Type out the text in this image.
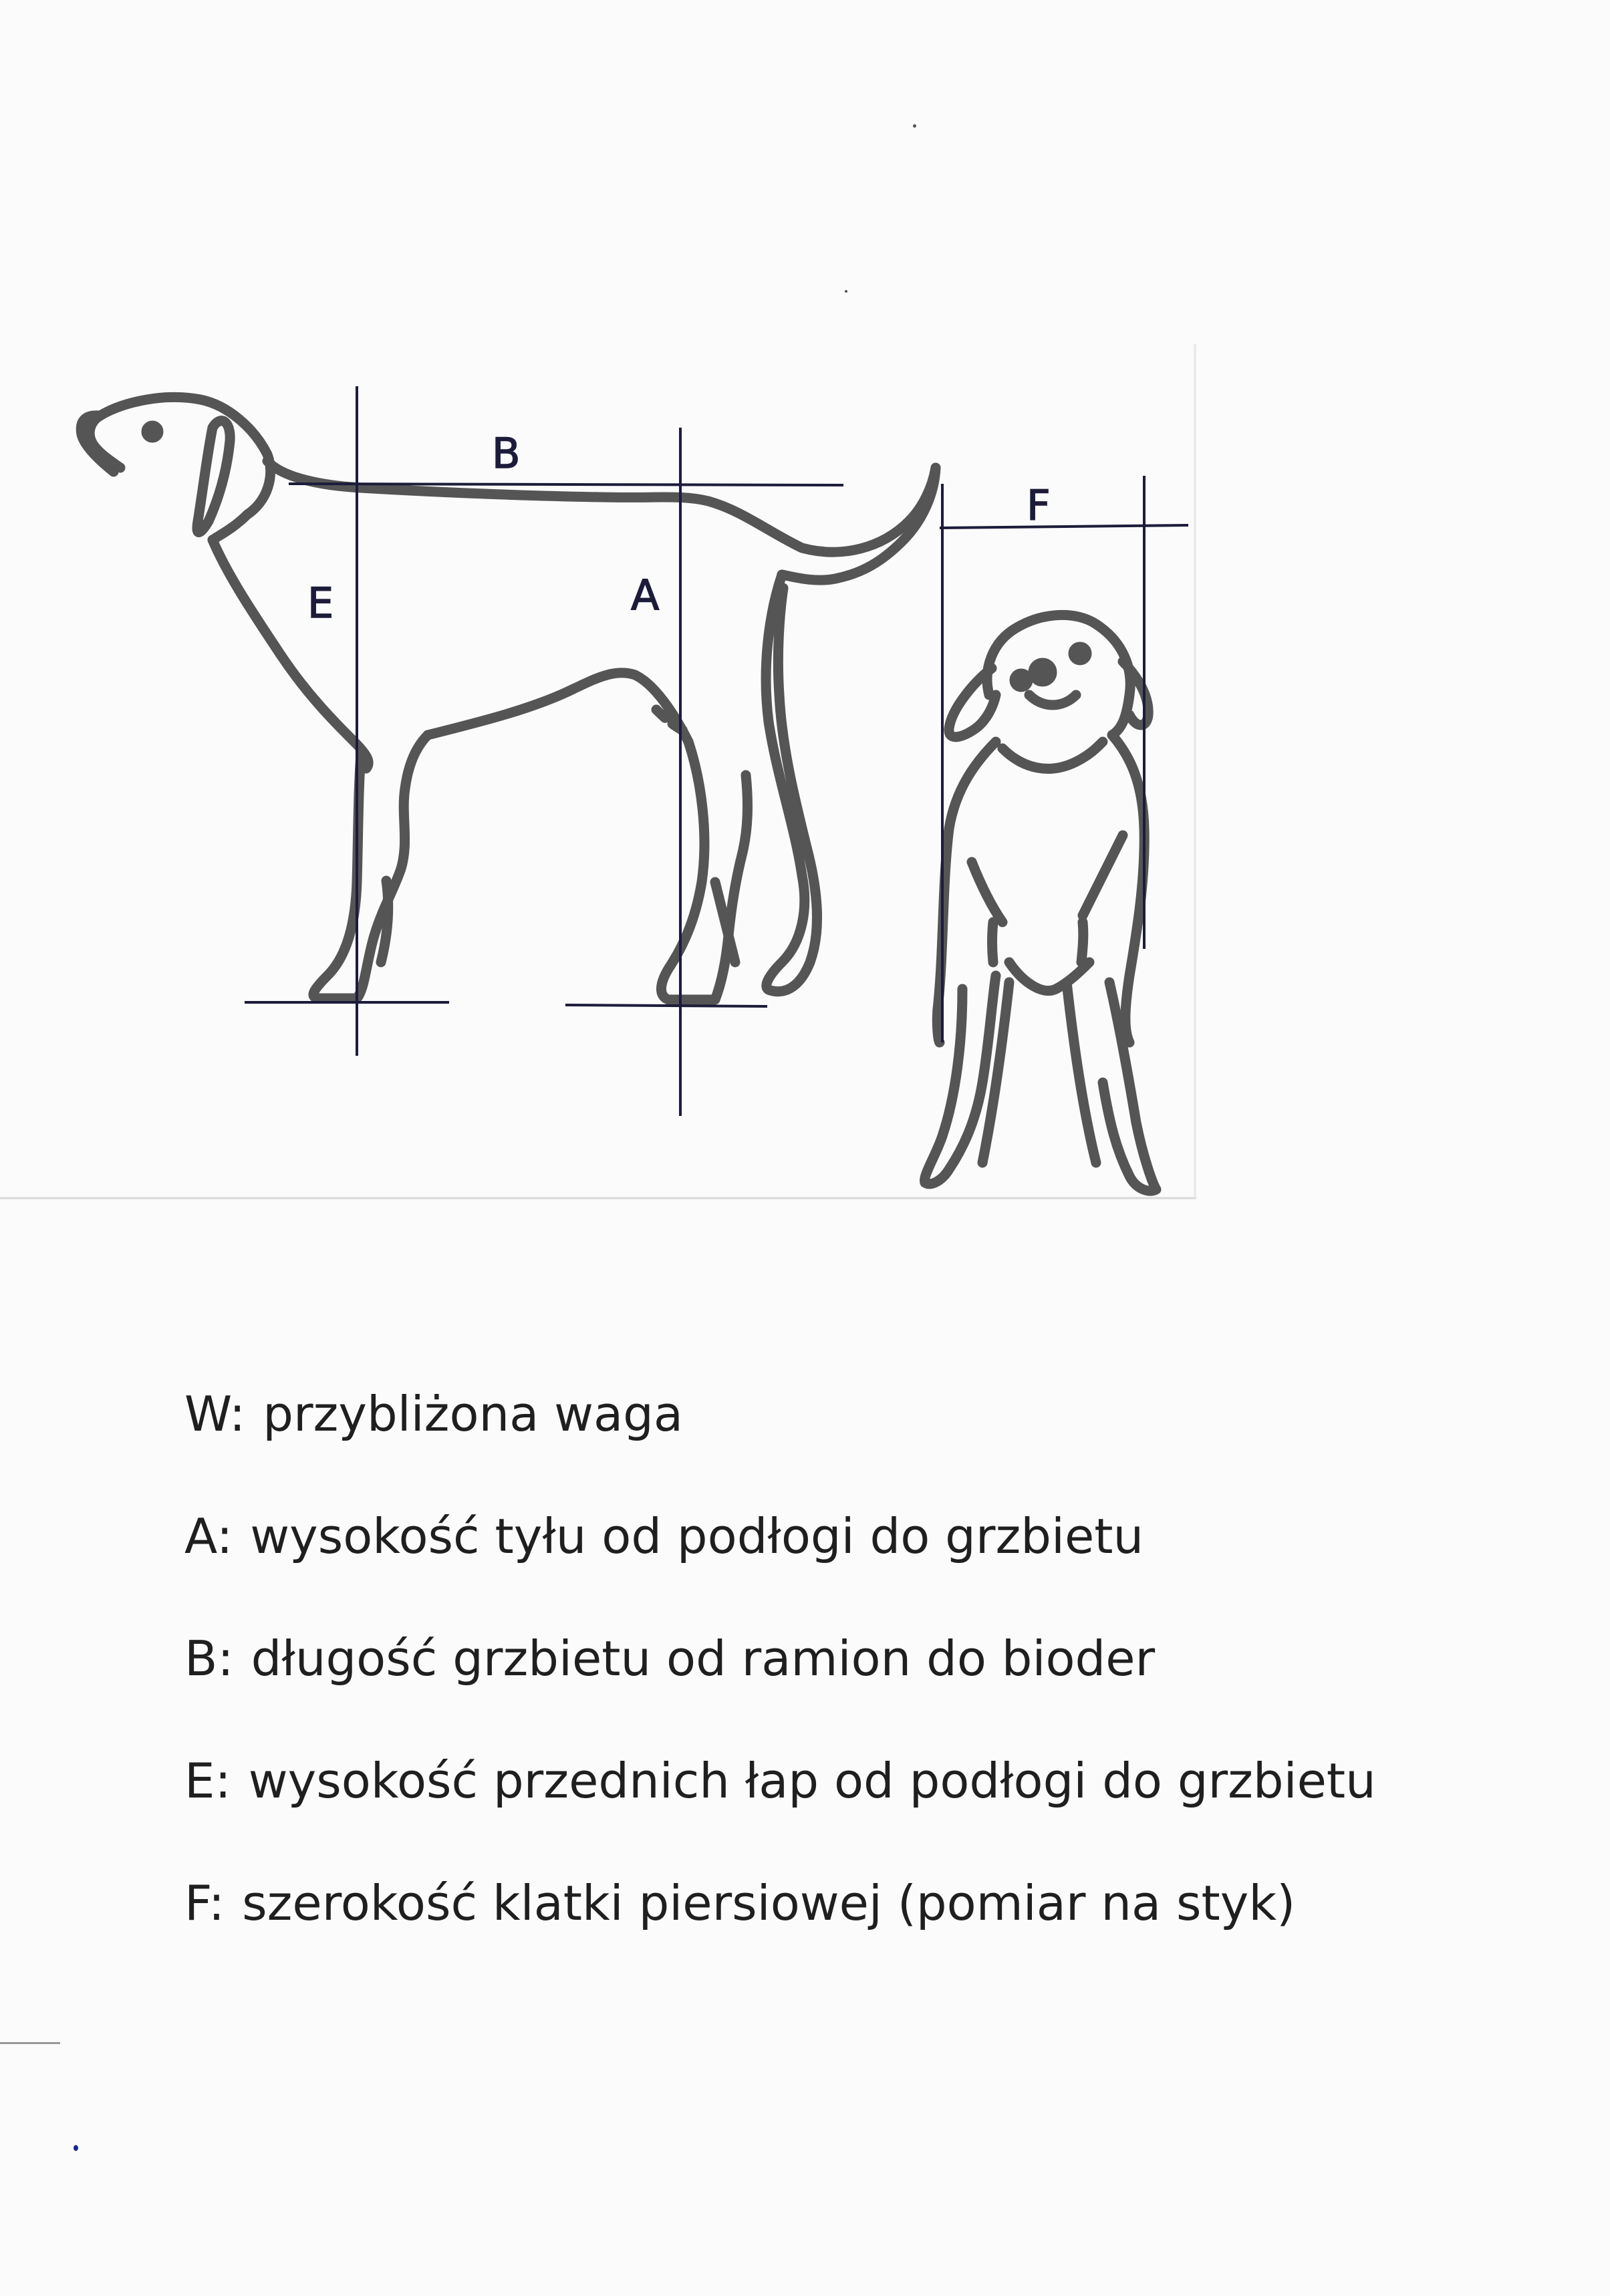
B
E	A
F
W: przybliżona waga
A: wysokość tyłu od podłogi do grzbietu
B: długość grzbietu od ramion do bioder
E: wysokość przednich łap od podłogi do grzbietu
F: szerokość klatki piersiowej (pomiar na styk)
